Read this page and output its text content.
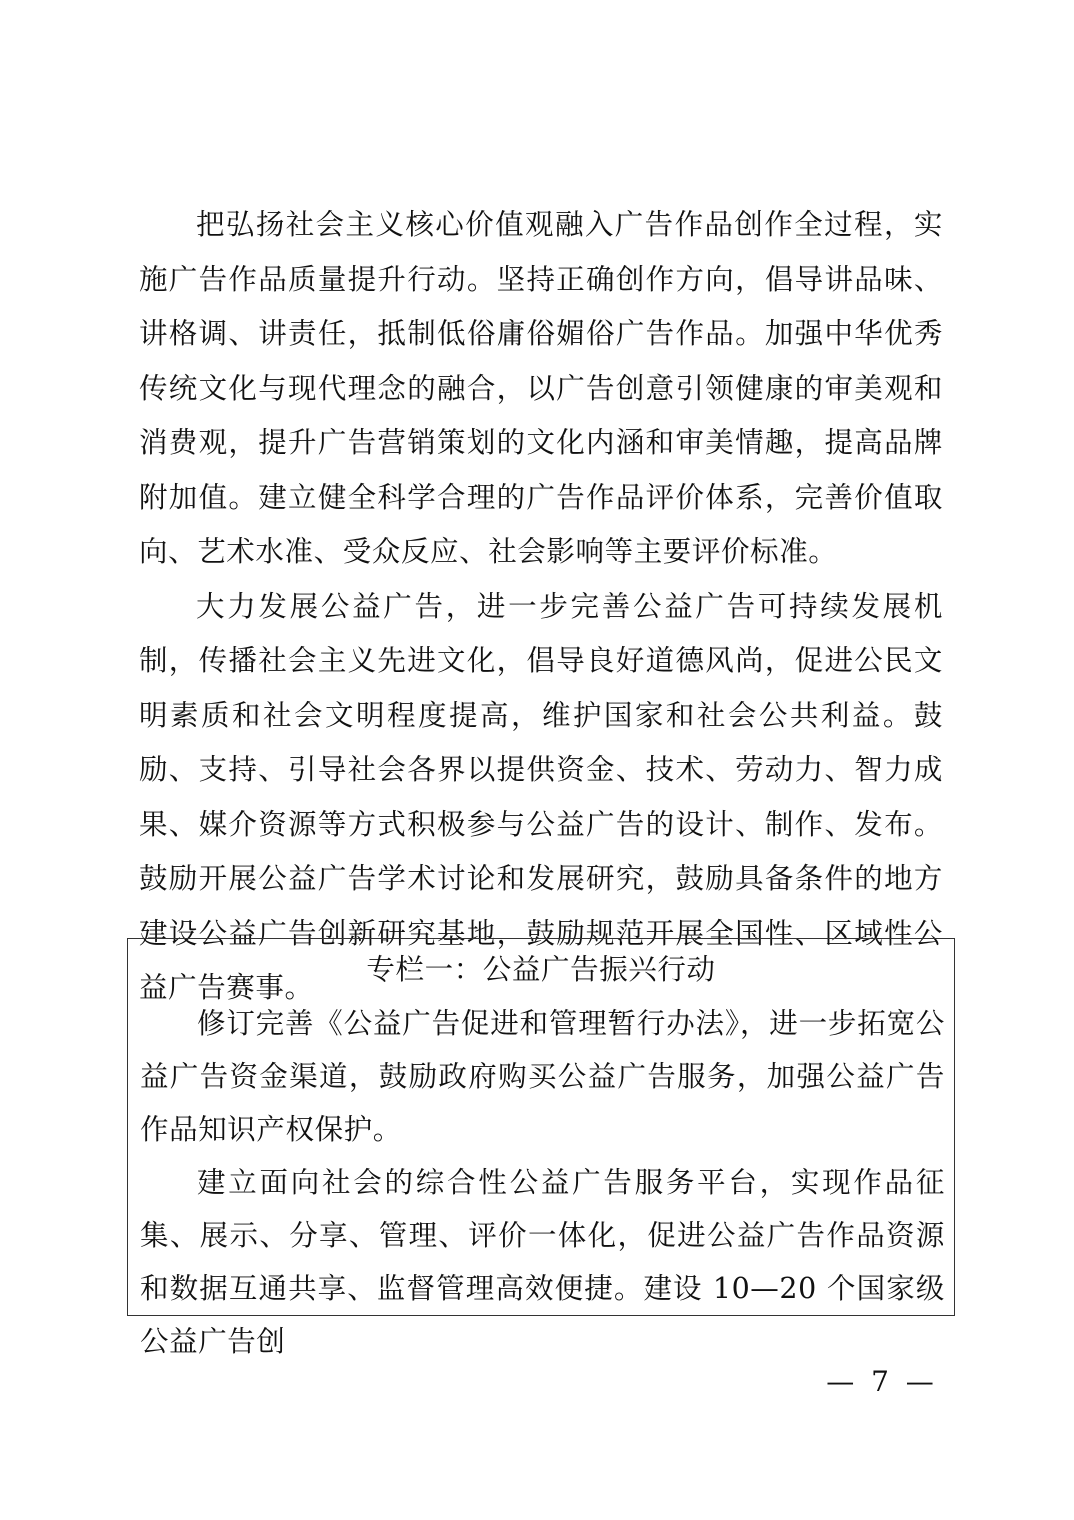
把弘扬社会主义核心价值观融入广告作品创作全过程，实施广告作品质量提升行动。坚持正确创作方向，倡导讲品味、讲格调、讲责任，抵制低俗庸俗媚俗广告作品。加强中华优秀传统文化与现代理念的融合，以广告创意引领健康的审美观和消费观，提升广告营销策划的文化内涵和审美情趣，提高品牌附加值。建立健全科学合理的广告作品评价体系，完善价值取向、艺术水准、受众反应、社会影响等主要评价标准。

大力发展公益广告，进一步完善公益广告可持续发展机制，传播社会主义先进文化，倡导良好道德风尚，促进公民文明素质和社会文明程度提高，维护国家和社会公共利益。鼓励、支持、引导社会各界以提供资金、技术、劳动力、智力成果、媒介资源等方式积极参与公益广告的设计、制作、发布。鼓励开展公益广告学术讨论和发展研究，鼓励具备条件的地方建设公益广告创新研究基地，鼓励规范开展全国性、区域性公益广告赛事。

专栏一：公益广告振兴行动

修订完善《公益广告促进和管理暂行办法》，进一步拓宽公益广告资金渠道，鼓励政府购买公益广告服务，加强公益广告作品知识产权保护。

建立面向社会的综合性公益广告服务平台，实现作品征集、展示、分享、管理、评价一体化，促进公益广告作品资源和数据互通共享、监督管理高效便捷。建设 10—20 个国家级公益广告创

— 7 —
